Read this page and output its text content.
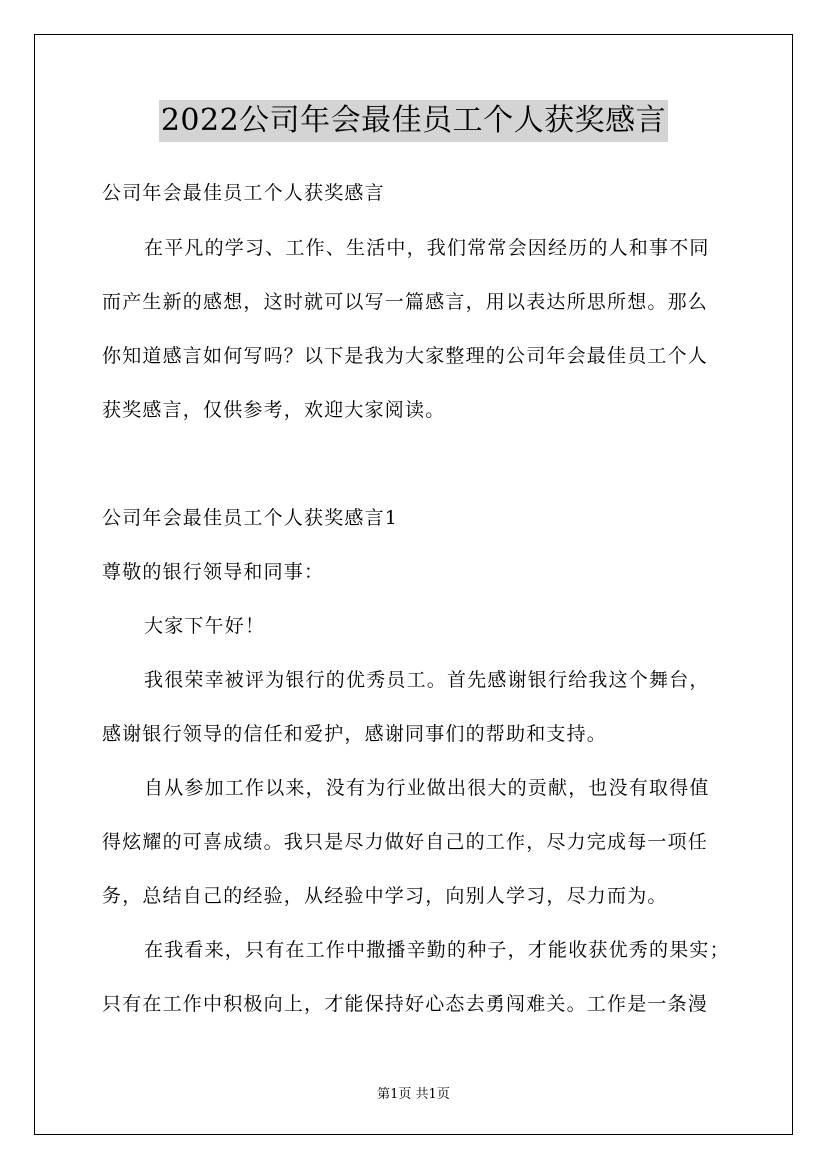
2022公司年会最佳员工个人获奖感言
公司年会最佳员工个人获奖感言
在平凡的学习、工作、生活中，我们常常会因经历的人和事不同
而产生新的感想，这时就可以写一篇感言，用以表达所思所想。那么
你知道感言如何写吗？以下是我为大家整理的公司年会最佳员工个人
获奖感言，仅供参考，欢迎大家阅读。
公司年会最佳员工个人获奖感言1
尊敬的银行领导和同事：
大家下午好！
我很荣幸被评为银行的优秀员工。首先感谢银行给我这个舞台，
感谢银行领导的信任和爱护，感谢同事们的帮助和支持。
自从参加工作以来，没有为行业做出很大的贡献，也没有取得值
得炫耀的可喜成绩。我只是尽力做好自己的工作，尽力完成每一项任
务，总结自己的经验，从经验中学习，向别人学习，尽力而为。
在我看来，只有在工作中撒播辛勤的种子，才能收获优秀的果实；
只有在工作中积极向上，才能保持好心态去勇闯难关。工作是一条漫
第1页 共1页
